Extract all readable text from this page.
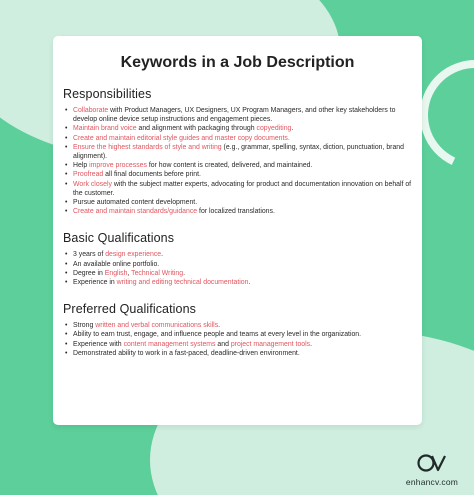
Keywords in a Job Description
Responsibilities
• Collaborate with Product Managers, UX Designers, UX Program Managers, and other key stakeholders to develop online device setup instructions and engagement pieces.
• Maintain brand voice and alignment with packaging through copyediting.
• Create and maintain editorial style guides and master copy documents.
• Ensure the highest standards of style and writing (e.g., grammar, spelling, syntax, diction, punctuation, brand alignment).
• Help improve processes for how content is created, delivered, and maintained.
• Proofread all final documents before print.
• Work closely with the subject matter experts, advocating for product and documentation innovation on behalf of the customer.
• Pursue automated content development.
• Create and maintain standards/guidance for localized translations.
Basic Qualifications
• 3 years of design experience.
• An available online portfolio.
• Degree in English, Technical Writing.
• Experience in writing and editing technical documentation.
Preferred Qualifications
• Strong written and verbal communications skills.
• Ability to earn trust, engage, and influence people and teams at every level in the organization.
• Experience with content management systems and project management tools.
• Demonstrated ability to work in a fast-paced, deadline-driven environment.
enhancv.com
